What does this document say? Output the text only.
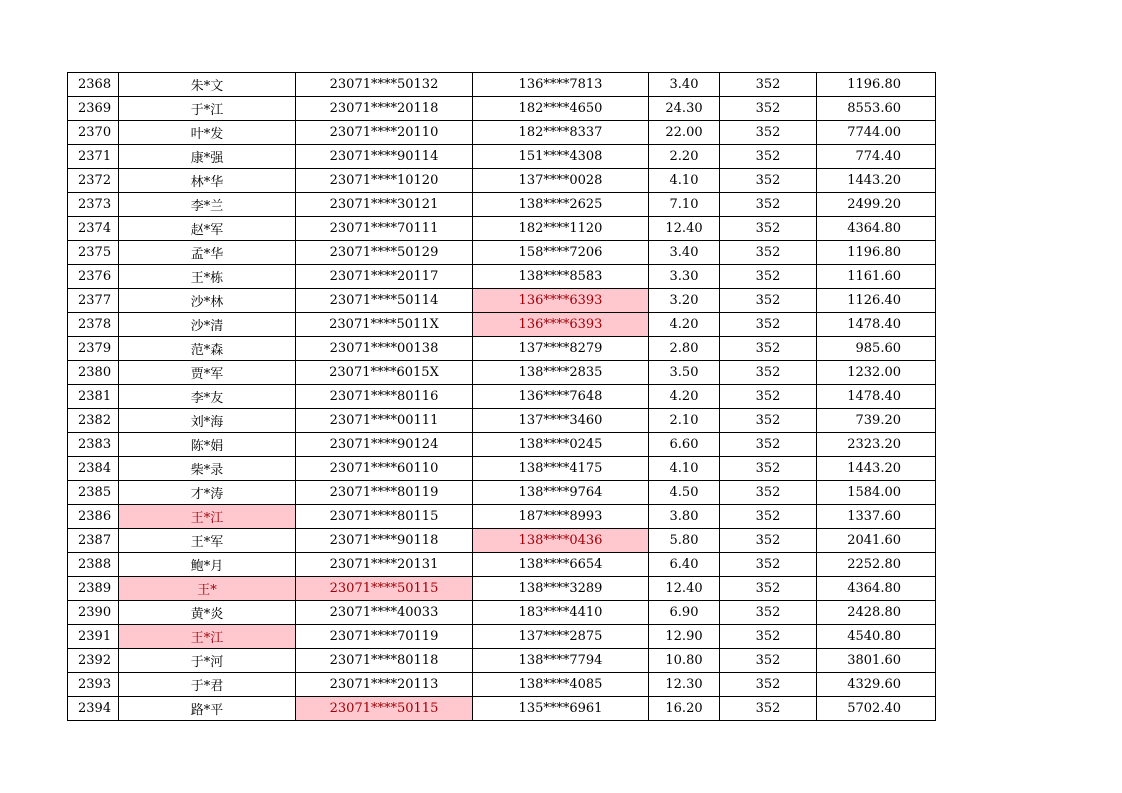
2368	朱*文	23071****50132	136****7813	3.40	352	1196.80
2369	于*江	23071****20118	182****4650	24.30	352	8553.60
2370	叶*发	23071****20110	182****8337	22.00	352	7744.00
2371	康*强	23071****90114	151****4308	2.20	352	774.40
2372	林*华	23071****10120	137****0028	4.10	352	1443.20
2373	李*兰	23071****30121	138****2625	7.10	352	2499.20
2374	赵*军	23071****70111	182****1120	12.40	352	4364.80
2375	孟*华	23071****50129	158****7206	3.40	352	1196.80
2376	王*栋	23071****20117	138****8583	3.30	352	1161.60
2377	沙*林	23071****50114	136****6393	3.20	352	1126.40
2378	沙*清	23071****5011X	136****6393	4.20	352	1478.40
2379	范*森	23071****00138	137****8279	2.80	352	985.60
2380	贾*军	23071****6015X	138****2835	3.50	352	1232.00
2381	李*友	23071****80116	136****7648	4.20	352	1478.40
2382	刘*海	23071****00111	137****3460	2.10	352	739.20
2383	陈*娟	23071****90124	138****0245	6.60	352	2323.20
2384	柴*录	23071****60110	138****4175	4.10	352	1443.20
2385	才*涛	23071****80119	138****9764	4.50	352	1584.00
2386	王*江	23071****80115	187****8993	3.80	352	1337.60
2387	王*军	23071****90118	138****0436	5.80	352	2041.60
2388	鲍*月	23071****20131	138****6654	6.40	352	2252.80
2389	王*	23071****50115	138****3289	12.40	352	4364.80
2390	黄*炎	23071****40033	183****4410	6.90	352	2428.80
2391	王*江	23071****70119	137****2875	12.90	352	4540.80
2392	于*河	23071****80118	138****7794	10.80	352	3801.60
2393	于*君	23071****20113	138****4085	12.30	352	4329.60
2394	路*平	23071****50115	135****6961	16.20	352	5702.40
